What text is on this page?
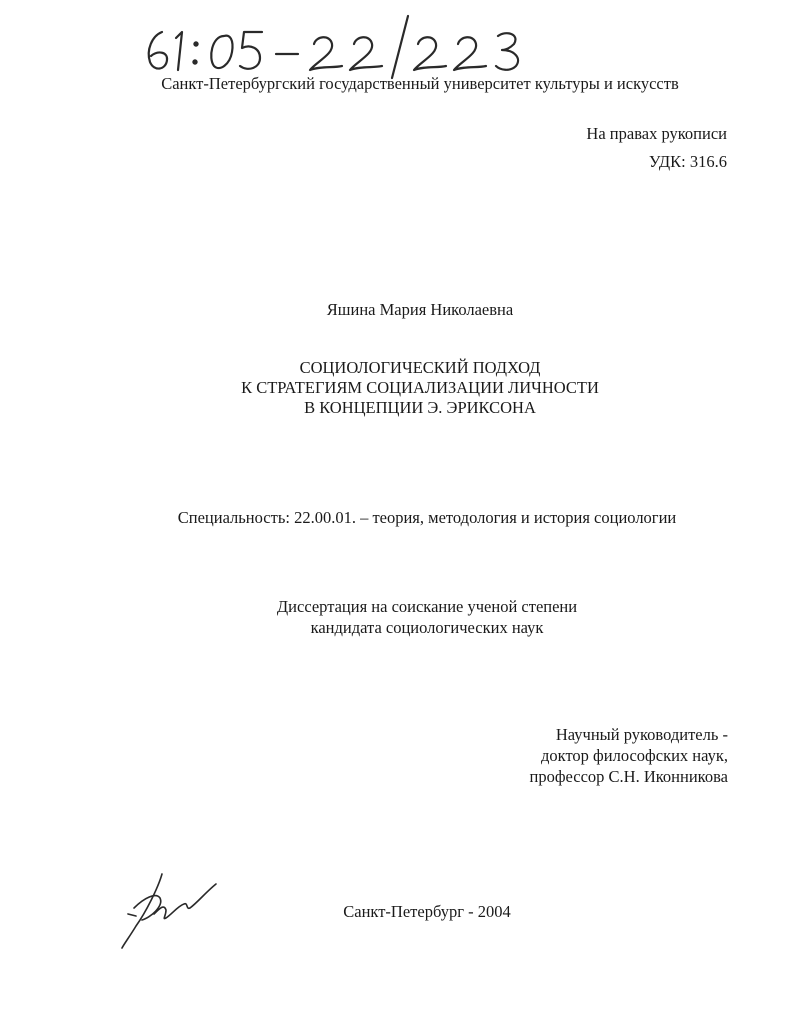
Санкт-Петербургский государственный университет культуры и искусств
На правах рукописи
УДК: 316.6
Яшина Мария Николаевна
СОЦИОЛОГИЧЕСКИЙ ПОДХОД
К СТРАТЕГИЯМ СОЦИАЛИЗАЦИИ ЛИЧНОСТИ
В КОНЦЕПЦИИ Э. ЭРИКСОНА
Специальность: 22.00.01. – теория, методология и история социологии
Диссертация на соискание ученой степени
кандидата социологических наук
Научный руководитель -
доктор философских наук,
профессор С.Н. Иконникова
Санкт-Петербург - 2004
